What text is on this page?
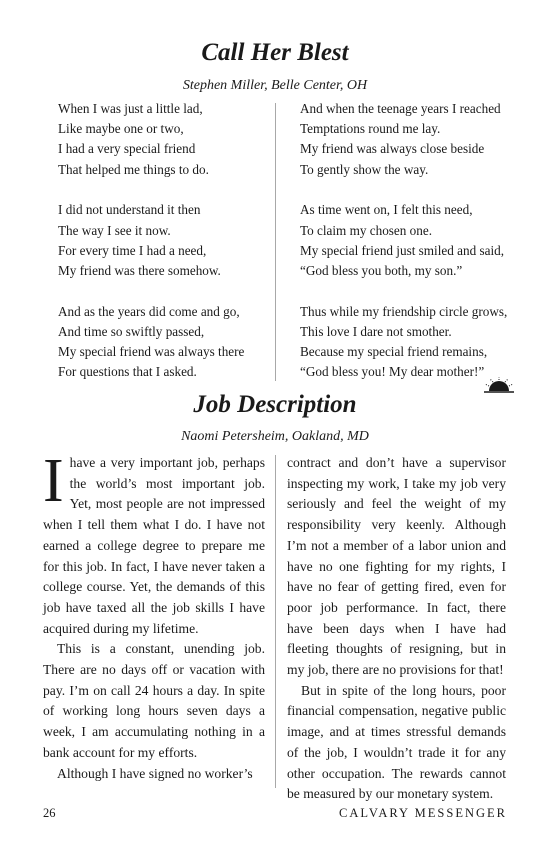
Call Her Blest
Stephen Miller, Belle Center, OH
When I was just a little lad,
Like maybe one or two,
I had a very special friend
That helped me things to do.
I did not understand it then
The way I see it now.
For every time I had a need,
My friend was there somehow.
And as the years did come and go,
And time so swiftly passed,
My special friend was always there
For questions that I asked.
And when the teenage years I reached
Temptations round me lay.
My friend was always close beside
To gently show the way.
As time went on, I felt this need,
To claim my chosen one.
My special friend just smiled and said,
“God bless you both, my son.”
Thus while my friendship circle grows,
This love I dare not smother.
Because my special friend remains,
“God bless you! My dear mother!”
Job Description
Naomi Petersheim, Oakland, MD

Ihave a very important job, perhaps the world’s most important job. Yet, most people are not impressed when I tell them what I do. I have not earned a college degree to prepare me for this job. In fact, I have never taken a college course. Yet, the demands of this job have taxed all the job skills I have acquired during my lifetime.

This is a constant, unending job. There are no days off or vacation with pay. I’m on call 24 hours a day. In spite of working long hours seven days a week, I am accumulating nothing in a bank account for my efforts.

Although I have signed no worker’s

contract and don’t have a supervisor inspecting my work, I take my job very seriously and feel the weight of my responsibility very keenly. Although I’m not a member of a labor union and have no one fighting for my rights, I have no fear of getting fired, even for poor job performance. In fact, there have been days when I have had fleeting thoughts of resigning, but in my job, there are no provisions for that!

But in spite of the long hours, poor financial compensation, negative public image, and at times stressful demands of the job, I wouldn’t trade it for any other occupation. The rewards cannot be measured by our monetary system.

26	CALVARY MESSENGER
